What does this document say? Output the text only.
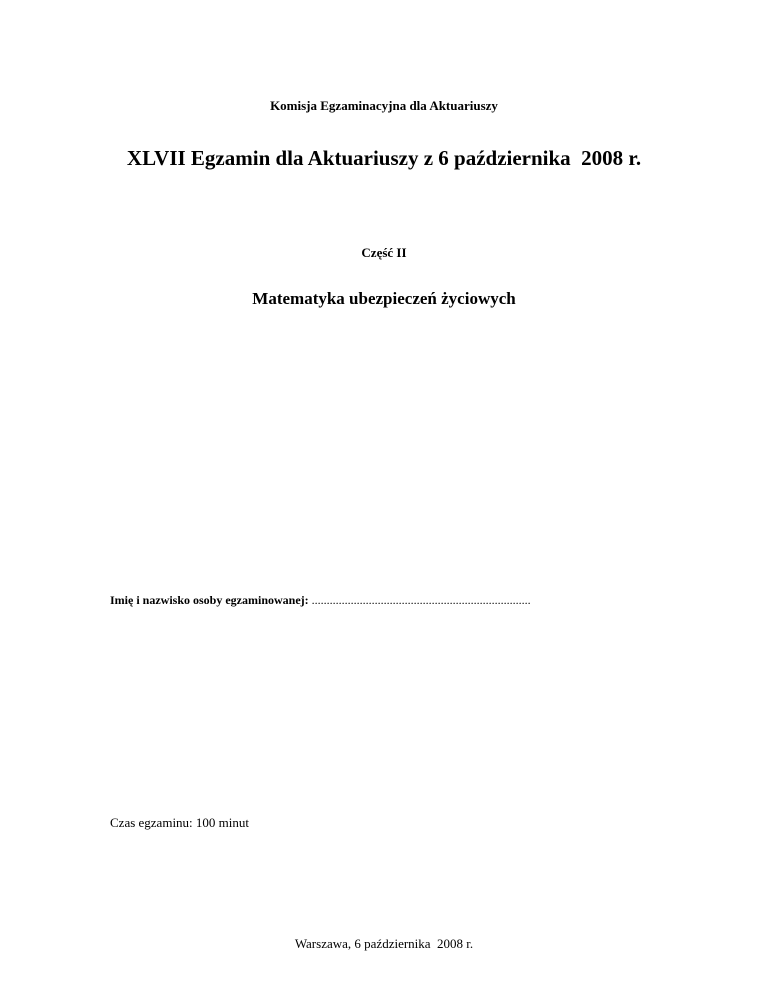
Komisja Egzaminacyjna dla Aktuariuszy
XLVII Egzamin dla Aktuariuszy z 6 października  2008 r.
Część II
Matematyka ubezpieczeń życiowych
Imię i nazwisko osoby egzaminowanej: .........................................................................
Czas egzaminu: 100 minut
Warszawa, 6 października  2008 r.
